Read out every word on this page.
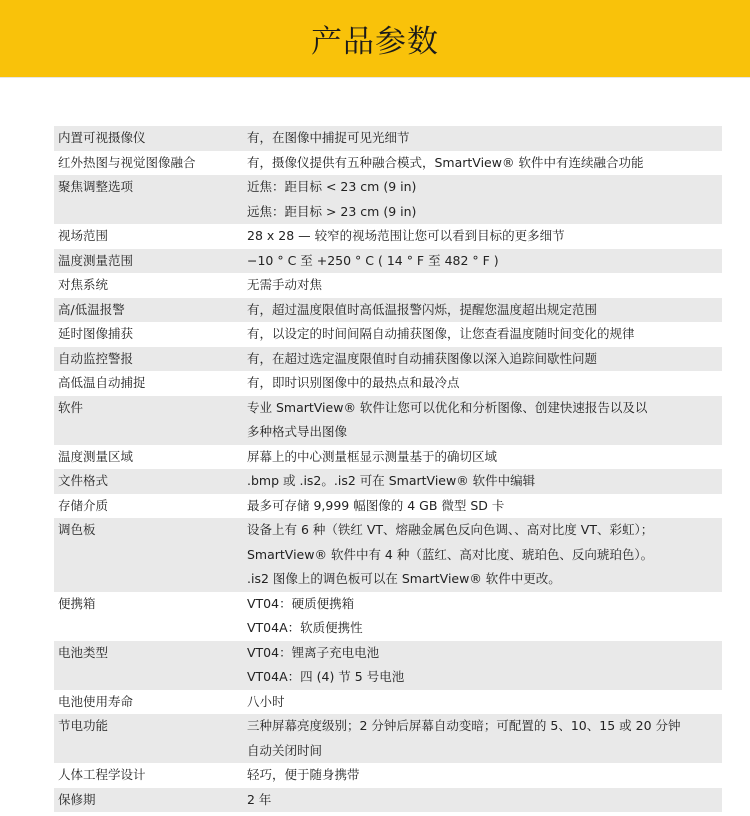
产品参数
内置可视摄像仪	有，在图像中捕捉可见光细节
红外热图与视觉图像融合	有，摄像仪提供有五种融合模式，SmartView® 软件中有连续融合功能
聚焦调整选项	近焦：距目标 < 23 cm (9 in)
远焦：距目标 > 23 cm (9 in)
视场范围	28 x 28 — 较窄的视场范围让您可以看到目标的更多细节
温度测量范围	−10 ° C 至 +250 ° C ( 14 ° F 至 482 ° F )
对焦系统	无需手动对焦
高/低温报警	有，超过温度限值时高低温报警闪烁，提醒您温度超出规定范围
延时图像捕获	有，以设定的时间间隔自动捕获图像，让您查看温度随时间变化的规律
自动监控警报	有，在超过选定温度限值时自动捕获图像以深入追踪间歇性问题
高低温自动捕捉	有，即时识别图像中的最热点和最冷点
软件	专业 SmartView® 软件让您可以优化和分析图像、创建快速报告以及以
多种格式导出图像
温度测量区域	屏幕上的中心测量框显示测量基于的确切区域
文件格式	.bmp 或 .is2。.is2 可在 SmartView® 软件中编辑
存储介质	最多可存储 9,999 幅图像的 4 GB 微型 SD 卡
调色板	设备上有 6 种（铁红 VT、熔融金属色反向色调、、高对比度 VT、彩虹）；
SmartView® 软件中有 4 种（蓝红、高对比度、琥珀色、反向琥珀色）。
.is2 图像上的调色板可以在 SmartView® 软件中更改。
便携箱	VT04：硬质便携箱
VT04A：软质便携性
电池类型	VT04：锂离子充电电池
VT04A：四 (4) 节 5 号电池
电池使用寿命	八小时
节电功能	三种屏幕亮度级别；2 分钟后屏幕自动变暗；可配置的 5、10、15 或 20 分钟
自动关闭时间
人体工程学设计	轻巧，便于随身携带
保修期	2 年
